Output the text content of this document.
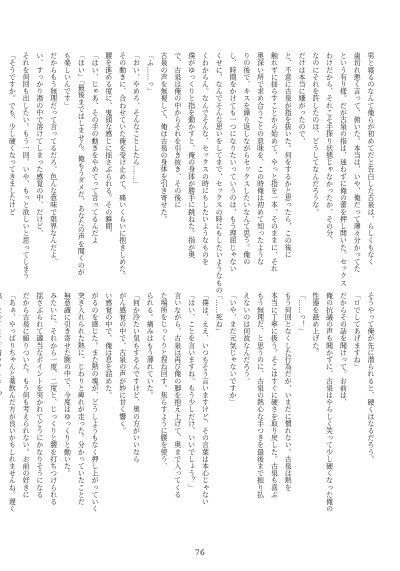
男と寝るのなんて俺らが初めてだと告白した古泉は、らしくもなく
歯切れ悪く言って、俯いた。本当は、いや、俺だって薄々分かってた
という有り様。だが古泉の指は、迷わずに俺の蕾を押し開いた。セックス
わけだから、それこそ手探り状態じゃなかったか、その分、
なのにそれを許したのは、どうしてなんだろうな。
だけは本当に嫌がったので、
と、不意に古泉が指を抜いた。何をするかと思ったら、この後に
触れずに揺らすことから始めて、やっと指を一本、そのままに、それ
奥深い所で求め合うことの意味を、この時俺は初めて知ったような
りの後で、キスを繰り返しながらセックスしたいなんて思う。俺の
し、時間をかけても一つになりたいっていうのは、もう理屈じゃない
くせに、なんでそんな思いをしてまで、セックスの時にもしたいようなもの
くわからん。なんでそんな、セックスの時にもしたいようなものを
僕がゆっくりと指を動かすと、俺の身体が勝手に跳ねた。指が奥
で、古泉は俺の中からそれを引き抜き、その後に
古泉の声を無視して、俺は古泉の身体を引き寄せた。
「ふ……っ」
「おい、やめろ、そんなことしたら……」
その動きに、合わせていた俺を受け止めて、痛いくらいに抱きしめた。
腰を進める度に、鬼頭な感じに揺さぶられる。その瞬間、
「はい、じゃあ、その手の動きをやめてって言ってるんだよ
「はい」「最後まではしません。俺もうダメだ、あなたの声を聞くのが
も楽しいんです」
だからもう無理だって言ってるだろ。色んな意味で限界なんだよ、
い、すっかり湯の中で溶けてしまった感覚の中、だけど、
それを何回も出したい。もう一回、いや、もっと欲しいと思ってしまう
「そうですか。でも、少し硬くなってきましたけど
そうやって俺が先に潜られると、硬くはなるだろう。
「ロでしてあげますね」
だからその話を聞けって。お前は、
俺の抗議の声も聞かずに、古泉はやらしく笑って少し硬くなった俺の
性器を舐め上げた。
「……っ！」
もう何回となくした行為だが、いまだに慣れない。古泉は熱を
本当に丁寧に扱う。そこはすぐに硬さを取り戻した。古泉も喜ぶ
もう無理だ、と思うのに、古泉の熱心な手つきを最後まで振り払
えないのは何故なんだろう。
「いや、まだ元気じゃないですか」
「……死ね」
「僕は、ええ、いつもそう言いますけど、その言葉は本心じゃない
「はい、ことを言いますね。もう少しだけ、いいでしょう？」
言いながら、古泉は再び俺の脚を抱え上げて、奥まで入ってくる
た場所をじっくりと捏ね回す。焦らすように腰を使う、
られる。痛みはもう薄れていた。
「何か冷たい気もするんですけど、奥の方がいいなら
がん感覚の中で、古泉の声が妙に甘く響く。
い感覚の中で、俺は息を詰めた。
がるのを感じた。また熱の塊が、どうしようもなく押し上がっていく
突き入れられた熱に、じわりと痺れが走った。分かっていたことだ
無意識に引き寄せた腕の中で、今度はゆっくりと動いた。
みたいに、それから一度、二度と、じっくりと腰を打ちつけられる
揺さぶられて適当なポイントを突かれてどうにかなりそうになる
だから古泉に縋りついた。もう何も考えられない。お前の好きに
「あぁ、やっぱりちゃんと薬飲んだ方が良いかもしれませんね。遅く
76
